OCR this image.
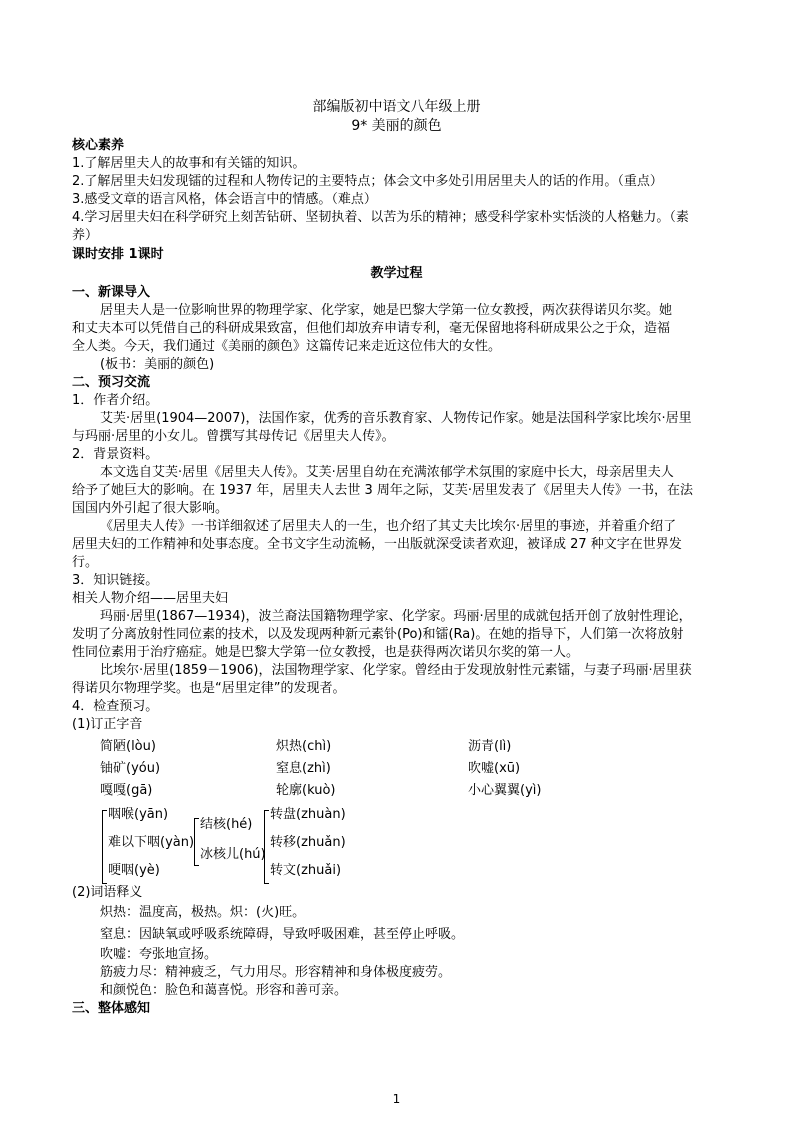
部编版初中语文八年级上册
9* 美丽的颜色
核心素养
1.了解居里夫人的故事和有关镭的知识。
2.了解居里夫妇发现镭的过程和人物传记的主要特点；体会文中多处引用居里夫人的话的作用。（重点）
3.感受文章的语言风格，体会语言中的情感。（难点）
4.学习居里夫妇在科学研究上刻苦钻研、坚韧执着、以苦为乐的精神；感受科学家朴实恬淡的人格魅力。（素
养）
课时安排 1课时
教学过程
一、新课导入
居里夫人是一位影响世界的物理学家、化学家，她是巴黎大学第一位女教授，两次获得诺贝尔奖。她
和丈夫本可以凭借自己的科研成果致富，但他们却放弃申请专利，毫无保留地将科研成果公之于众，造福
全人类。今天，我们通过《美丽的颜色》这篇传记来走近这位伟大的女性。
(板书：美丽的颜色)
二、预习交流
1．作者介绍。
艾芙·居里(1904—2007)，法国作家，优秀的音乐教育家、人物传记作家。她是法国科学家比埃尔·居里
与玛丽·居里的小女儿。曾撰写其母传记《居里夫人传》。
2．背景资料。
本文选自艾芙·居里《居里夫人传》。艾芙·居里自幼在充满浓郁学术氛围的家庭中长大，母亲居里夫人
给予了她巨大的影响。在 1937 年，居里夫人去世 3 周年之际，艾芙·居里发表了《居里夫人传》一书，在法
国国内外引起了很大影响。
《居里夫人传》一书详细叙述了居里夫人的一生，也介绍了其丈夫比埃尔·居里的事迹，并着重介绍了
居里夫妇的工作精神和处事态度。全书文字生动流畅，一出版就深受读者欢迎，被译成 27 种文字在世界发
行。
3．知识链接。
相关人物介绍——居里夫妇
玛丽·居里(1867—1934)，波兰裔法国籍物理学家、化学家。玛丽·居里的成就包括开创了放射性理论，
发明了分离放射性同位素的技术，以及发现两种新元素钋(Po)和镭(Ra)。在她的指导下，人们第一次将放射
性同位素用于治疗癌症。她是巴黎大学第一位女教授，也是获得两次诺贝尔奖的第一人。
比埃尔·居里(1859－1906)，法国物理学家、化学家。曾经由于发现放射性元素镭，与妻子玛丽·居里获
得诺贝尔物理学奖。也是“居里定律”的发现者。
4．检查预习。
(1)订正字音
简陋(lòu)	炽热(chì)	沥青(lì)
铀矿(yóu)	窒息(zhì)	吹嘘(xū)
嘎嘎(gā)	轮廓(kuò)	小心翼翼(yì)
咽喉(yān)
难以下咽(yàn)
哽咽(yè)
结核(hé)
冰核儿(hú)
转盘(zhuàn)
转移(zhuǎn)
转文(zhuǎi)
(2)词语释义
炽热：温度高，极热。炽：(火)旺。
窒息：因缺氧或呼吸系统障碍，导致呼吸困难，甚至停止呼吸。
吹嘘：夸张地宣扬。
筋疲力尽：精神疲乏，气力用尽。形容精神和身体极度疲劳。
和颜悦色：脸色和蔼喜悦。形容和善可亲。
三、整体感知
1
